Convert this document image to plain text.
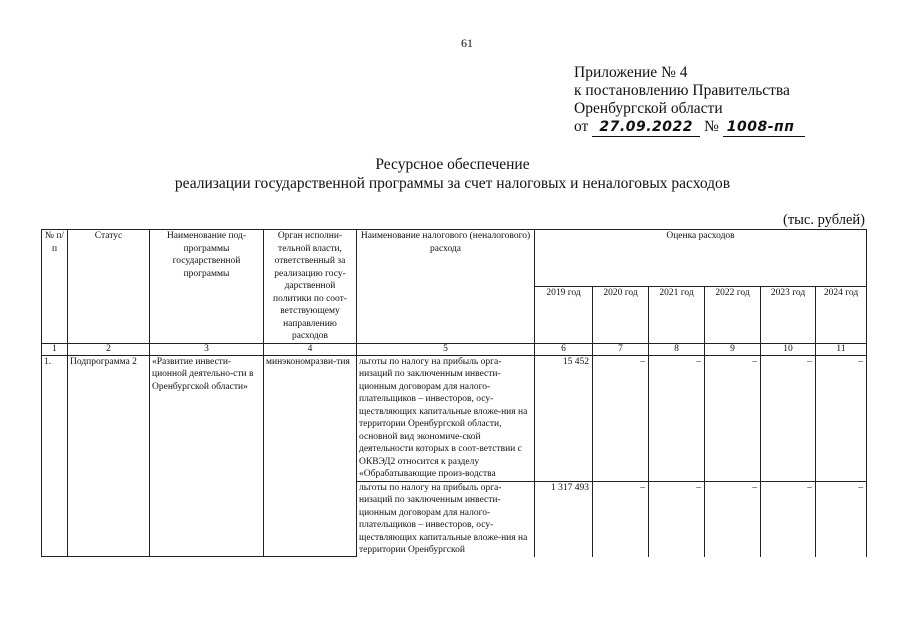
61
Приложение № 4
к постановлению Правительства
Оренбургской области
от 27.09.2022 № 1008-пп
Ресурсное обеспечение
реализации государственной программы за счет налоговых и неналоговых расходов
(тыс. рублей)
№ п/п	Статус	Наименование под-программы государственной программы	Орган исполни-тельной власти, ответственный за реализацию госу-дарственной политики по соот-ветствующему направлению расходов	Наименование налогового (неналогового) расхода	Оценка расходов					
					2019 год	2020 год	2021 год	2022 год	2023 год	2024 год
1	2	3	4	5	6	7	8	9	10	11
1.	Подпрограмма 2	«Развитие инвести-ционной деятельно-сти в Оренбургской области»	минэкономразви-тия	льготы по налогу на прибыль орга-низаций по заключенным инвести-ционным договорам для налого-плательщиков – инвесторов, осу-ществляющих капитальные вложе-ния на территории Оренбургской области, основной вид экономиче-ской деятельности которых в соот-ветствии с ОКВЭД2 относится к разделу «Обрабатывающие произ-водства	15 452	–	–	–	–	–
				льготы по налогу на прибыль орга-низаций по заключенным инвести-ционным договорам для налого-плательщиков – инвесторов, осу-ществляющих капитальные вложе-ния на территории Оренбургской	1 317 493	–	–	–	–	–
